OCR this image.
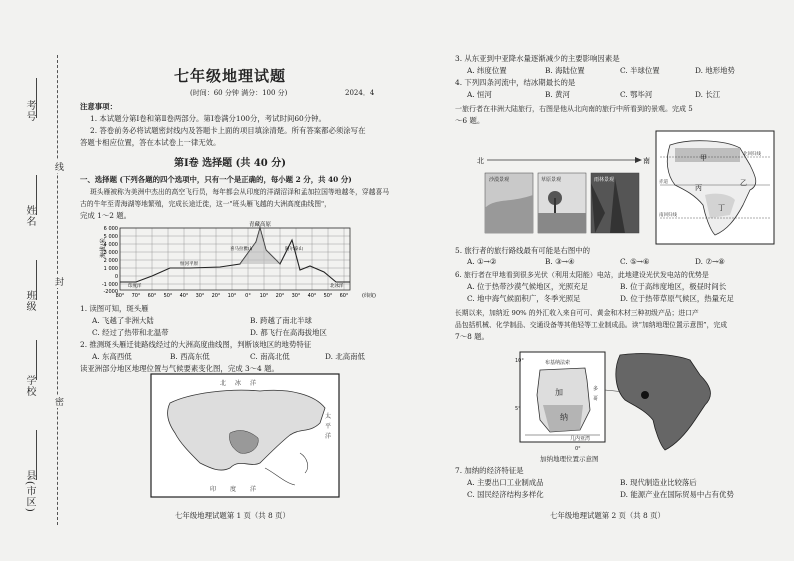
考号
姓名
班级
学校
县(市区)
线
封
密
七年级地理试题
(时间：60 分钟 满分：100 分)	2024．4
注意事项：
1. 本试题分第Ⅰ卷和第Ⅱ卷两部分。第Ⅰ卷满分100分，考试时间60分钟。
2. 答卷前务必将试题密封线内及答题卡上面的项目填涂清楚。所有答案都必须涂写在
答题卡相应位置，答在本试卷上一律无效。
第Ⅰ卷 选择题 (共 40 分)
一、选择题 (下列各题的四个选项中，只有一个是正确的，每小题 2 分，共 40 分)
斑头雁被称为美洲中杰出的高空飞行员，每年都会从印度的洋湖沼泽和孟加拉国等地越冬，穿越喜马
古的牛年至青海湖等地繁殖，完成长途迁徙，这一"班头雁飞越的大洲高度曲线图"，
完成 1～2 题。
海拔/米
6 000
5 000
4 000
3 000
2 000
1 000
0
-1 000
-2000
青藏高原
80° 70° 60° 50° 40° 30° 20° 10° 0° 10° 20° 30° 40° 50° 60°	(纬度)
印度洋
恒河平原
喜马拉雅山	阿尔泰山
北冰洋
1. 读图可知，斑头雁
A. 飞越了非洲大陆	B. 跨越了南北半球
C. 经过了热带和北温带	D. 都飞行在高海拔地区
2. 推测斑头雁迁徙路线经过的大洲高度曲线图，判断该地区的地势特征
A. 东高西低	B. 西高东低	C. 南高北低	D. 北高南低
读亚洲部分地区地理位置与气候要素变化图，完成 3～4 题。
北 冰 洋
太
平
洋
印 度 洋
七年级地理试题第 1 页（共 8 页）
3. 从东亚到中亚降水量逐渐减少的主要影响因素是
A. 纬度位置	B. 海陆位置	C. 半球位置	D. 地形地势
4. 下列四条河流中，结冰期最长的是
A. 恒河	B. 黄河	C. 鄂毕河	D. 长江
一旅行者在非洲大陆旅行，右图是他从北向南的旅行中所看到的景观。完成 5
～6 题。
北	南
沙漠景观	草原景观	雨林景观
甲
乙
丙
丁
赤道
北回归线
南回归线
5. 旅行者的旅行路线最有可能是右图中的
A. ①→②	B. ③→④	C. ⑤→⑥	D. ⑦→⑧
6. 旅行者在甲地看到很多光伏（利用太阳能）电站，此地建设光伏发电站的优势是
A. 位于热带沙漠气候地区，光照充足	B. 位于高纬度地区，极昼时间长
C. 地中海气候面积广，冬季光照足	D. 位于热带草原气候区，热量充足
长期以来，加纳近 90% 的外汇收入来自可可、黄金和木材三种初级产品；进口产
品包括机械、化学制品、交通设备等其他轻等工业制成品。读“加纳地理位置示意图”，完成
7～8 题。
布基纳法索
加
纳
多
哥
几内亚湾
0°
10°
5°
加纳地理位置示意图
7. 加纳的经济特征是
A. 主要出口工业制成品	B. 现代制造业比较落后
C. 国民经济结构多样化	D. 能源产业在国际贸易中占有优势
七年级地理试题第 2 页（共 8 页）
